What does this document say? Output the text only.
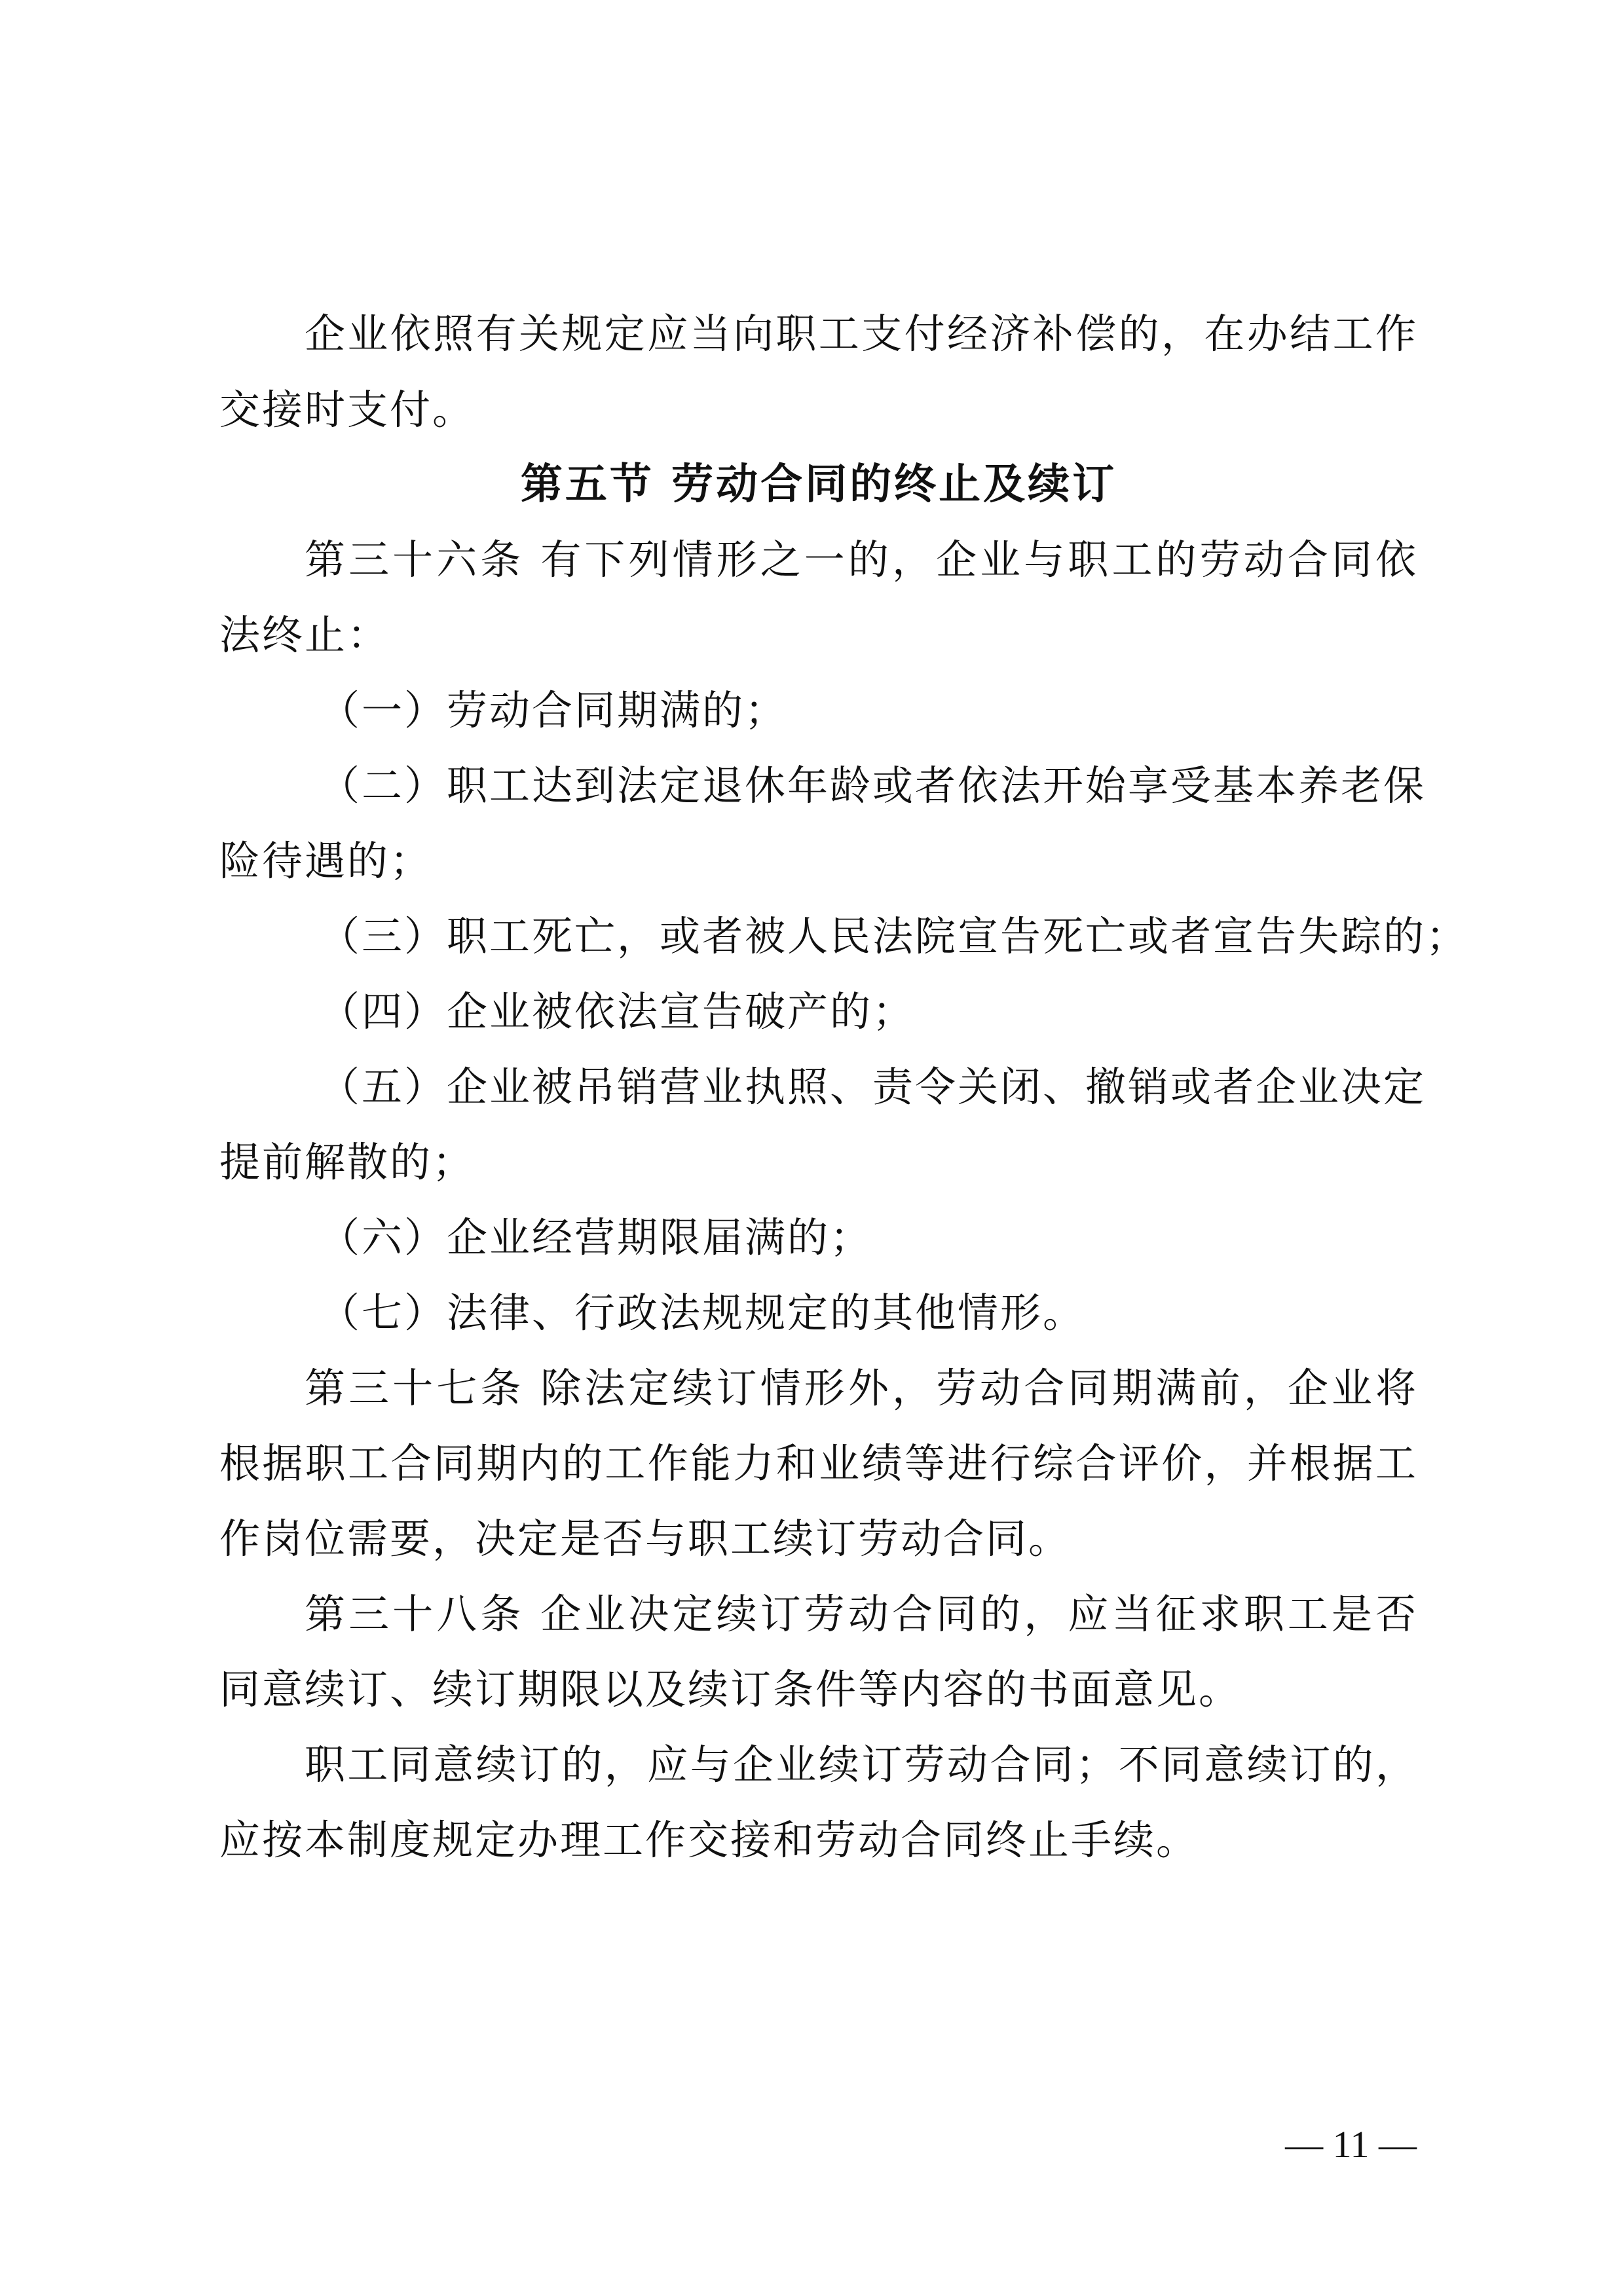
企业依照有关规定应当向职工支付经济补偿的，在办结工作
交接时支付。
第五节 劳动合同的终止及续订
第三十六条 有下列情形之一的，企业与职工的劳动合同依
法终止：
（一）劳动合同期满的；
（二）职工达到法定退休年龄或者依法开始享受基本养老保
险待遇的；
（三）职工死亡，或者被人民法院宣告死亡或者宣告失踪的；
（四）企业被依法宣告破产的；
（五）企业被吊销营业执照、责令关闭、撤销或者企业决定
提前解散的；
（六）企业经营期限届满的；
（七）法律、行政法规规定的其他情形。
第三十七条 除法定续订情形外，劳动合同期满前，企业将
根据职工合同期内的工作能力和业绩等进行综合评价，并根据工
作岗位需要，决定是否与职工续订劳动合同。
第三十八条 企业决定续订劳动合同的，应当征求职工是否
同意续订、续订期限以及续订条件等内容的书面意见。
职工同意续订的，应与企业续订劳动合同；不同意续订的，
应按本制度规定办理工作交接和劳动合同终止手续。
— 11 —
